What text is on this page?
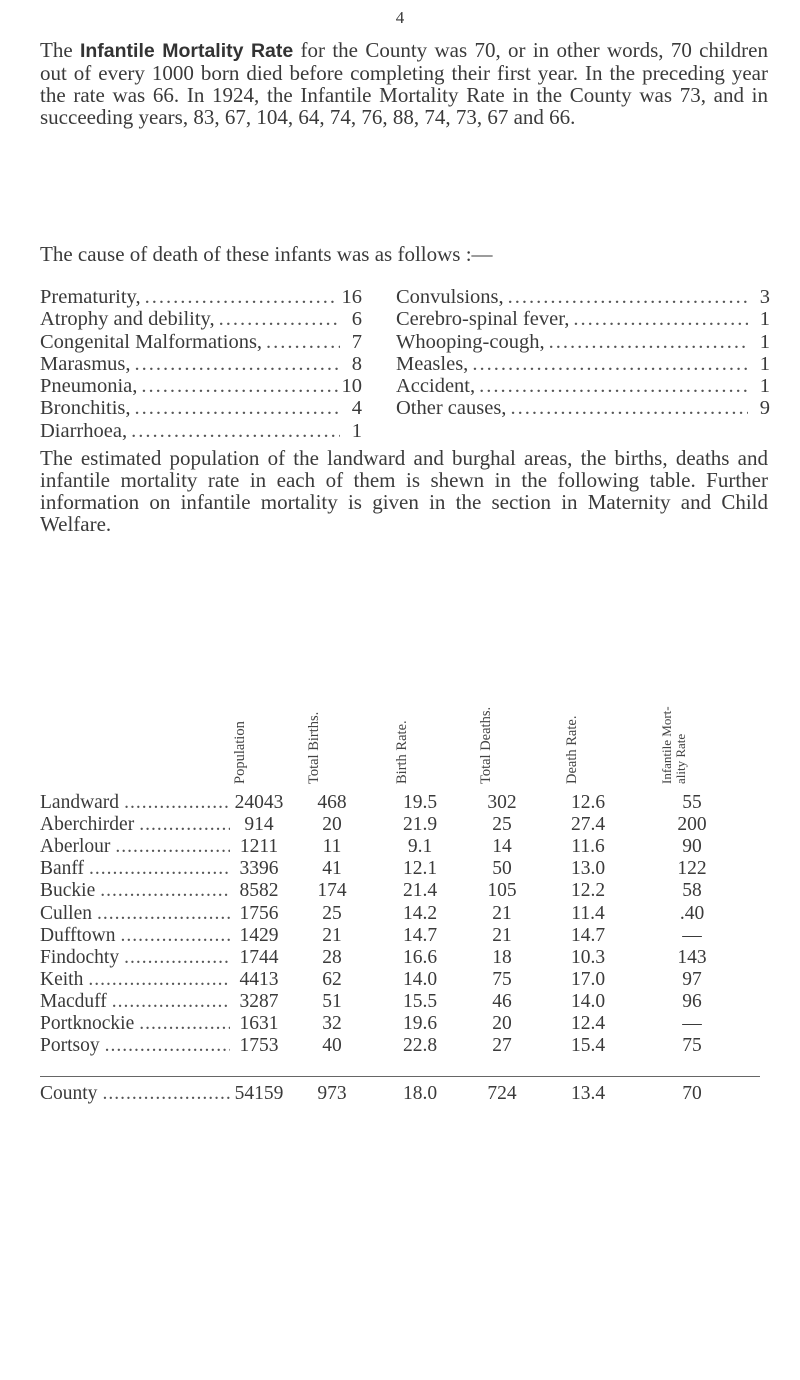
4

The Infantile Mortality Rate for the County was 70, or in other words, 70 children out of every 1000 born died before completing their first year. In the preceding year the rate was 66. In 1924, the Infantile Mortality Rate in the County was 73, and in succeeding years, 83, 67, 104, 64, 74, 76, 88, 74, 73, 67 and 66.

The cause of death of these infants was as follows :—

Prematurity, .....	16
Atrophy and debility, .....	6
Congenital Malformations, .....	7
Marasmus, .....	8
Pneumonia, .....	10
Bronchitis, .....	4
Diarrhoea, .....	1
Convulsions, .....	3
Cerebro-spinal fever, .....	1
Whooping-cough, .....	1
Measles, .....	1
Accident, .....	1
Other causes, .....	9

The estimated population of the landward and burghal areas, the births, deaths and infantile mortality rate in each of them is shewn in the following table. Further information on infantile mortality is given in the section in Maternity and Child Welfare.

Population	Total Births.	Birth Rate.	Total Deaths.	Death Rate.	Infantile Mort- ality Rate
Landward .....	24043	468	19.5	302	12.6	55
Aberchirder .....	914	20	21.9	25	27.4	200
Aberlour .....	1211	11	9.1	14	11.6	90
Banff .....	3396	41	12.1	50	13.0	122
Buckie .....	8582	174	21.4	105	12.2	58
Cullen .....	1756	25	14.2	21	11.4	.40
Dufftown .....	1429	21	14.7	21	14.7	—
Findochty .....	1744	28	16.6	18	10.3	143
Keith .....	4413	62	14.0	75	17.0	97
Macduff .....	3287	51	15.5	46	14.0	96
Portknockie .....	1631	32	19.6	20	12.4	—
Portsoy .....	1753	40	22.8	27	15.4	75
County .....	54159	973	18.0	724	13.4	70
